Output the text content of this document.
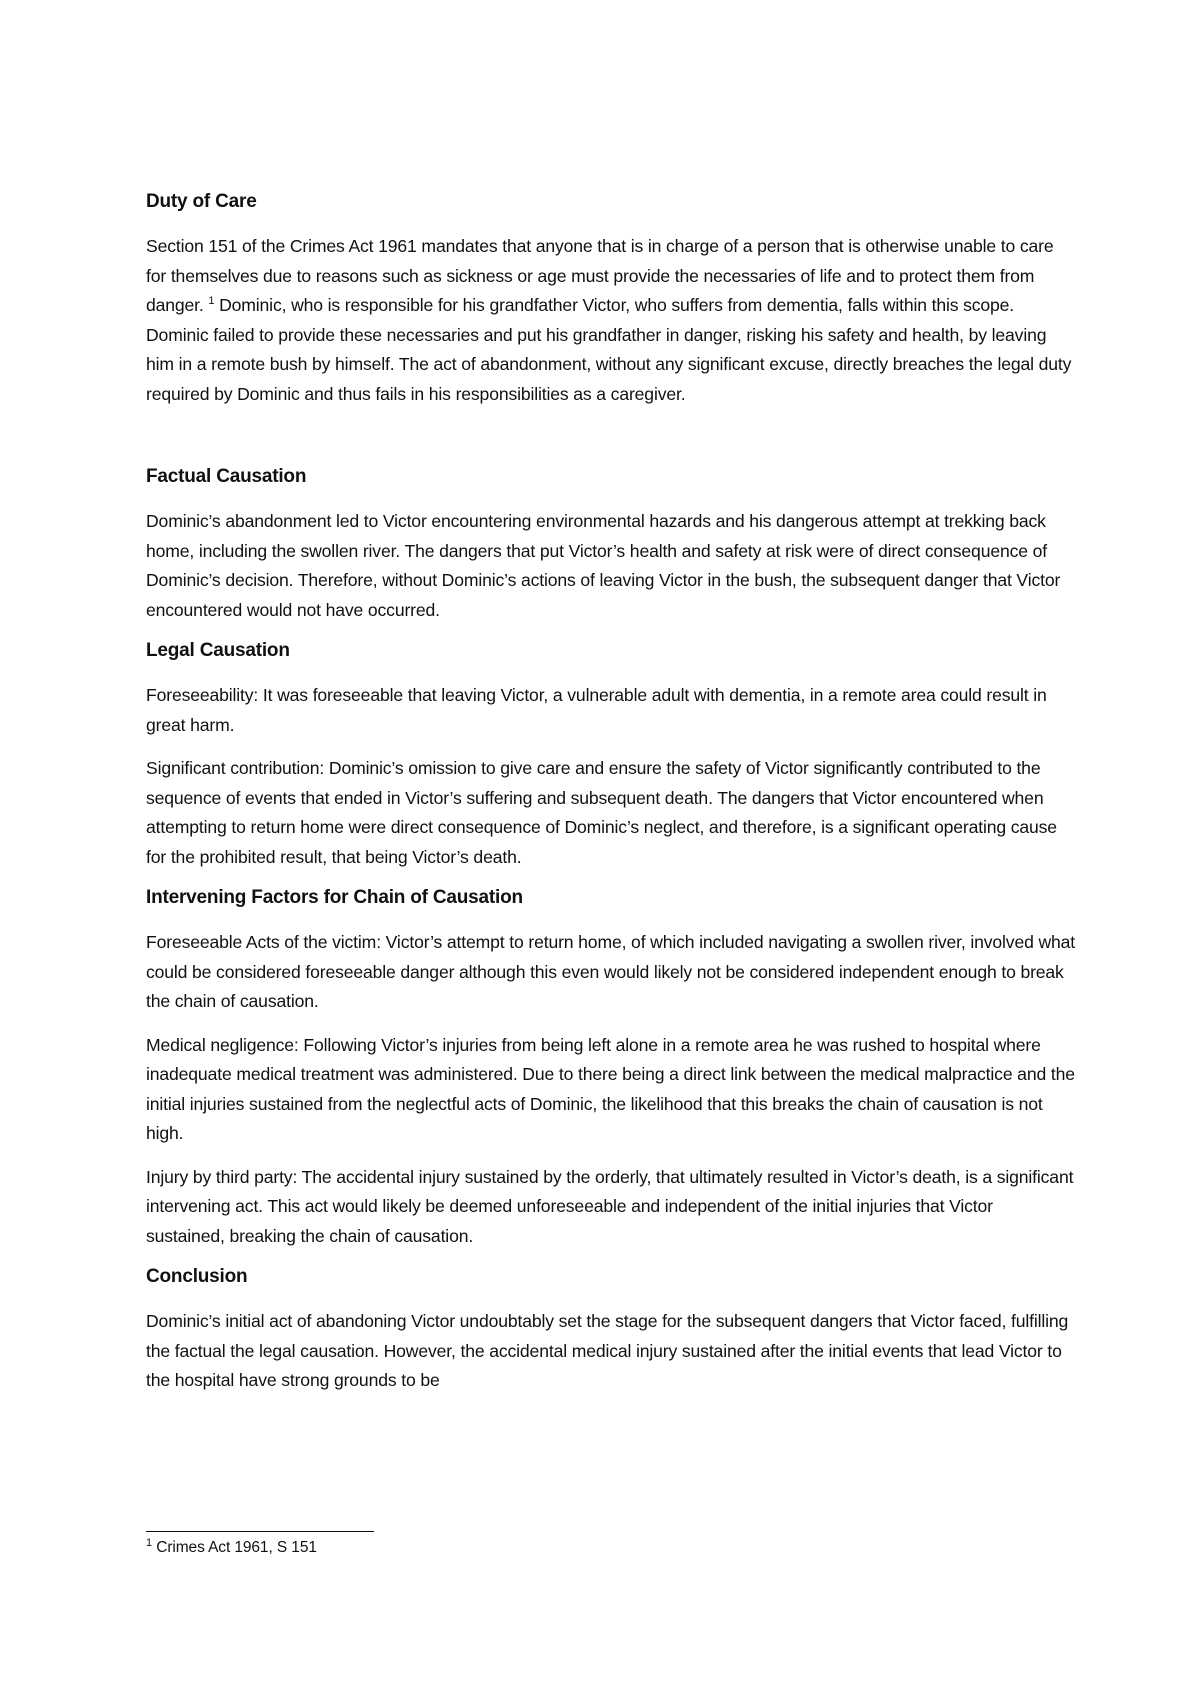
Duty of Care

Section 151 of the Crimes Act 1961 mandates that anyone that is in charge of a person that is otherwise unable to care for themselves due to reasons such as sickness or age must provide the necessaries of life and to protect them from danger. $^1$ Dominic, who is responsible for his grandfather Victor, who suffers from dementia, falls within this scope. Dominic failed to provide these necessaries and put his grandfather in danger, risking his safety and health, by leaving him in a remote bush by himself. The act of abandonment, without any significant excuse, directly breaches the legal duty required by Dominic and thus fails in his responsibilities as a caregiver.

Factual Causation

Dominic’s abandonment led to Victor encountering environmental hazards and his dangerous attempt at trekking back home, including the swollen river. The dangers that put Victor’s health and safety at risk were of direct consequence of Dominic’s decision. Therefore, without Dominic’s actions of leaving Victor in the bush, the subsequent danger that Victor encountered would not have occurred.

Legal Causation

Foreseeability: It was foreseeable that leaving Victor, a vulnerable adult with dementia, in a remote area could result in great harm.

Significant contribution: Dominic’s omission to give care and ensure the safety of Victor significantly contributed to the sequence of events that ended in Victor’s suffering and subsequent death. The dangers that Victor encountered when attempting to return home were direct consequence of Dominic’s neglect, and therefore, is a significant operating cause for the prohibited result, that being Victor’s death.

Intervening Factors for Chain of Causation

Foreseeable Acts of the victim: Victor’s attempt to return home, of which included navigating a swollen river, involved what could be considered foreseeable danger although this even would likely not be considered independent enough to break the chain of causation.

Medical negligence: Following Victor’s injuries from being left alone in a remote area he was rushed to hospital where inadequate medical treatment was administered. Due to there being a direct link between the medical malpractice and the initial injuries sustained from the neglectful acts of Dominic, the likelihood that this breaks the chain of causation is not high.

Injury by third party: The accidental injury sustained by the orderly, that ultimately resulted in Victor’s death, is a significant intervening act. This act would likely be deemed unforeseeable and independent of the initial injuries that Victor sustained, breaking the chain of causation.

Conclusion

Dominic’s initial act of abandoning Victor undoubtably set the stage for the subsequent dangers that Victor faced, fulfilling the factual the legal causation. However, the accidental medical injury sustained after the initial events that lead Victor to the hospital have strong grounds to be

$^1$ Crimes Act 1961, S 151
